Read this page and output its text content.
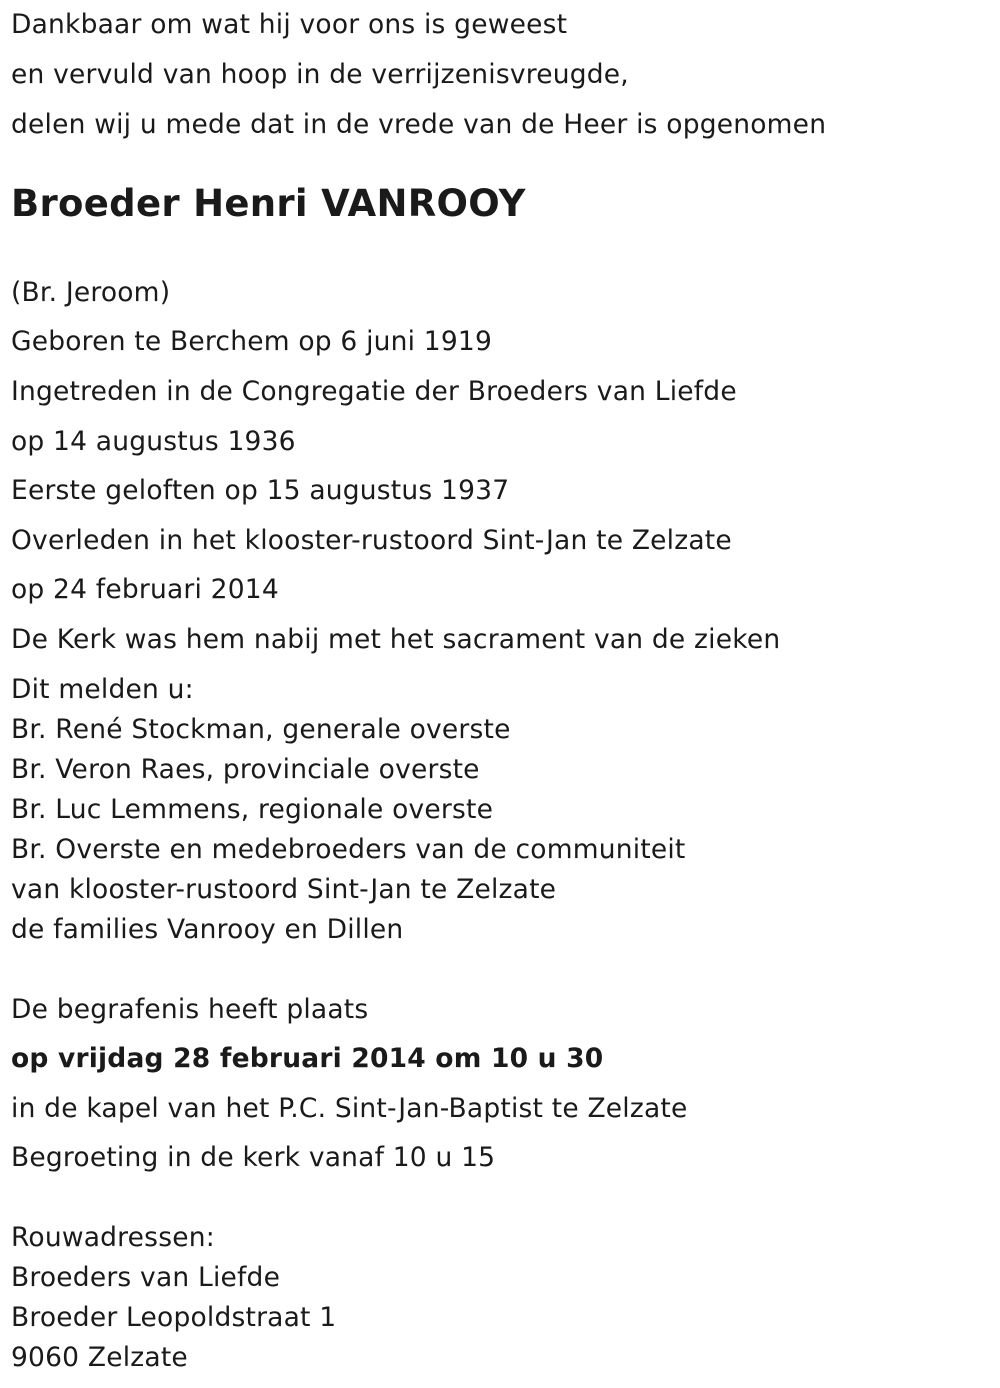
Dankbaar om wat hij voor ons is geweest
en vervuld van hoop in de verrijzenisvreugde,
delen wij u mede dat in de vrede van de Heer is opgenomen
Broeder Henri VANROOY
(Br. Jeroom)
Geboren te Berchem op 6 juni 1919
Ingetreden in de Congregatie der Broeders van Liefde
op 14 augustus 1936
Eerste geloften op 15 augustus 1937
Overleden in het klooster-rustoord Sint-Jan te Zelzate
op 24 februari 2014
De Kerk was hem nabij met het sacrament van de zieken
Dit melden u:
Br. René Stockman, generale overste
Br. Veron Raes, provinciale overste
Br. Luc Lemmens, regionale overste
Br. Overste en medebroeders van de communiteit
van klooster-rustoord Sint-Jan te Zelzate
de families Vanrooy en Dillen
De begrafenis heeft plaats
op vrijdag 28 februari 2014 om 10 u 30
in de kapel van het P.C. Sint-Jan-Baptist te Zelzate
Begroeting in de kerk vanaf 10 u 15
Rouwadressen:
Broeders van Liefde
Broeder Leopoldstraat 1
9060 Zelzate
